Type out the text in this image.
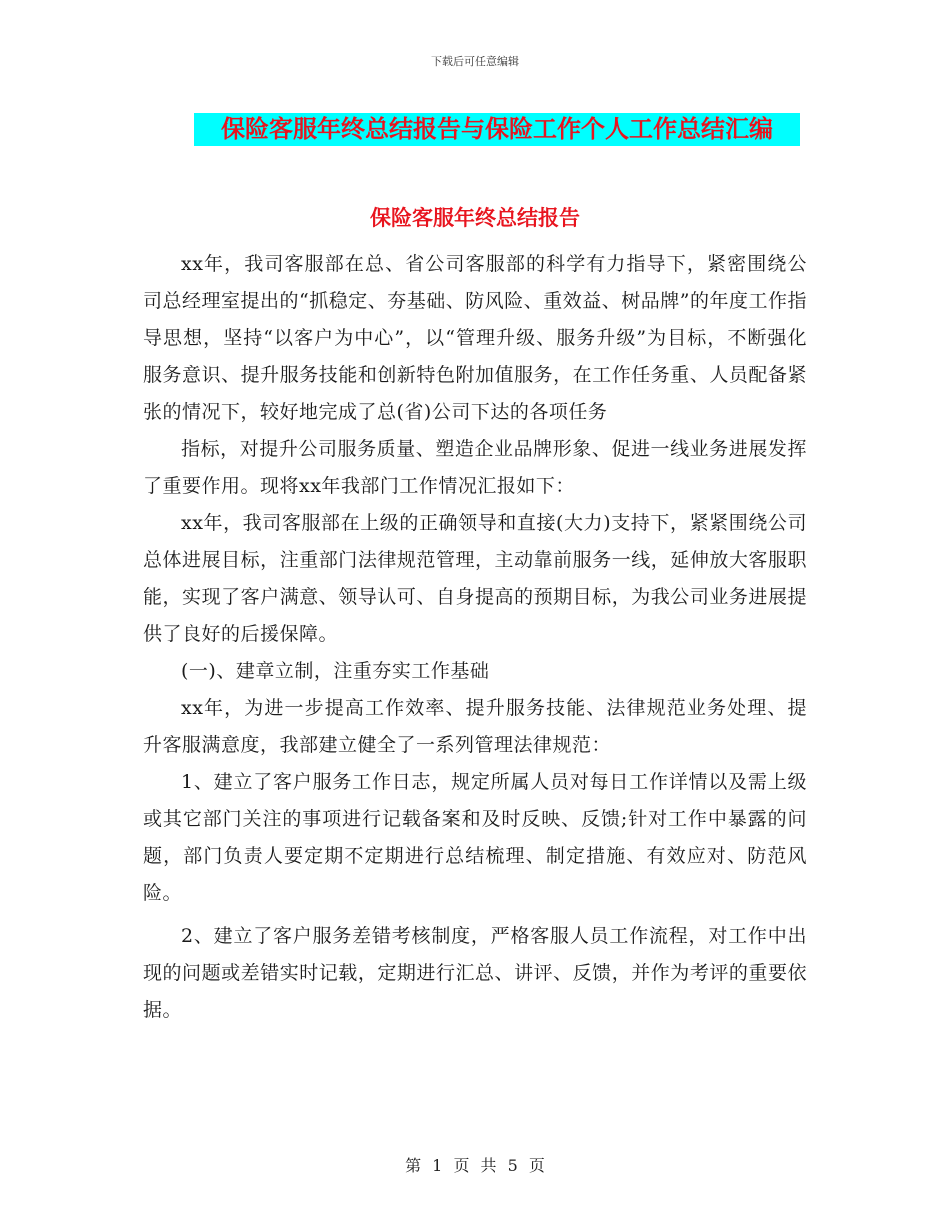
下载后可任意编辑
保险客服年终总结报告与保险工作个人工作总结汇编
保险客服年终总结报告

xx年，我司客服部在总、省公司客服部的科学有力指导下，紧密围绕公司总经理室提出的“抓稳定、夯基础、防风险、重效益、树品牌”的年度工作指导思想，坚持“以客户为中心”，以“管理升级、服务升级”为目标，不断强化服务意识、提升服务技能和创新特色附加值服务，在工作任务重、人员配备紧张的情况下，较好地完成了总(省)公司下达的各项任务

指标，对提升公司服务质量、塑造企业品牌形象、促进一线业务进展发挥了重要作用。现将xx年我部门工作情况汇报如下：

xx年，我司客服部在上级的正确领导和直接(大力)支持下，紧紧围绕公司总体进展目标，注重部门法律规范管理，主动靠前服务一线，延伸放大客服职能，实现了客户满意、领导认可、自身提高的预期目标，为我公司业务进展提供了良好的后援保障。

(一)、建章立制，注重夯实工作基础

xx年，为进一步提高工作效率、提升服务技能、法律规范业务处理、提升客服满意度，我部建立健全了一系列管理法律规范：

1、建立了客户服务工作日志，规定所属人员对每日工作详情以及需上级或其它部门关注的事项进行记载备案和及时反映、反馈;针对工作中暴露的问题，部门负责人要定期不定期进行总结梳理、制定措施、有效应对、防范风险。

2、建立了客户服务差错考核制度，严格客服人员工作流程，对工作中出现的问题或差错实时记载，定期进行汇总、讲评、反馈，并作为考评的重要依据。

第 1 页 共 5 页
